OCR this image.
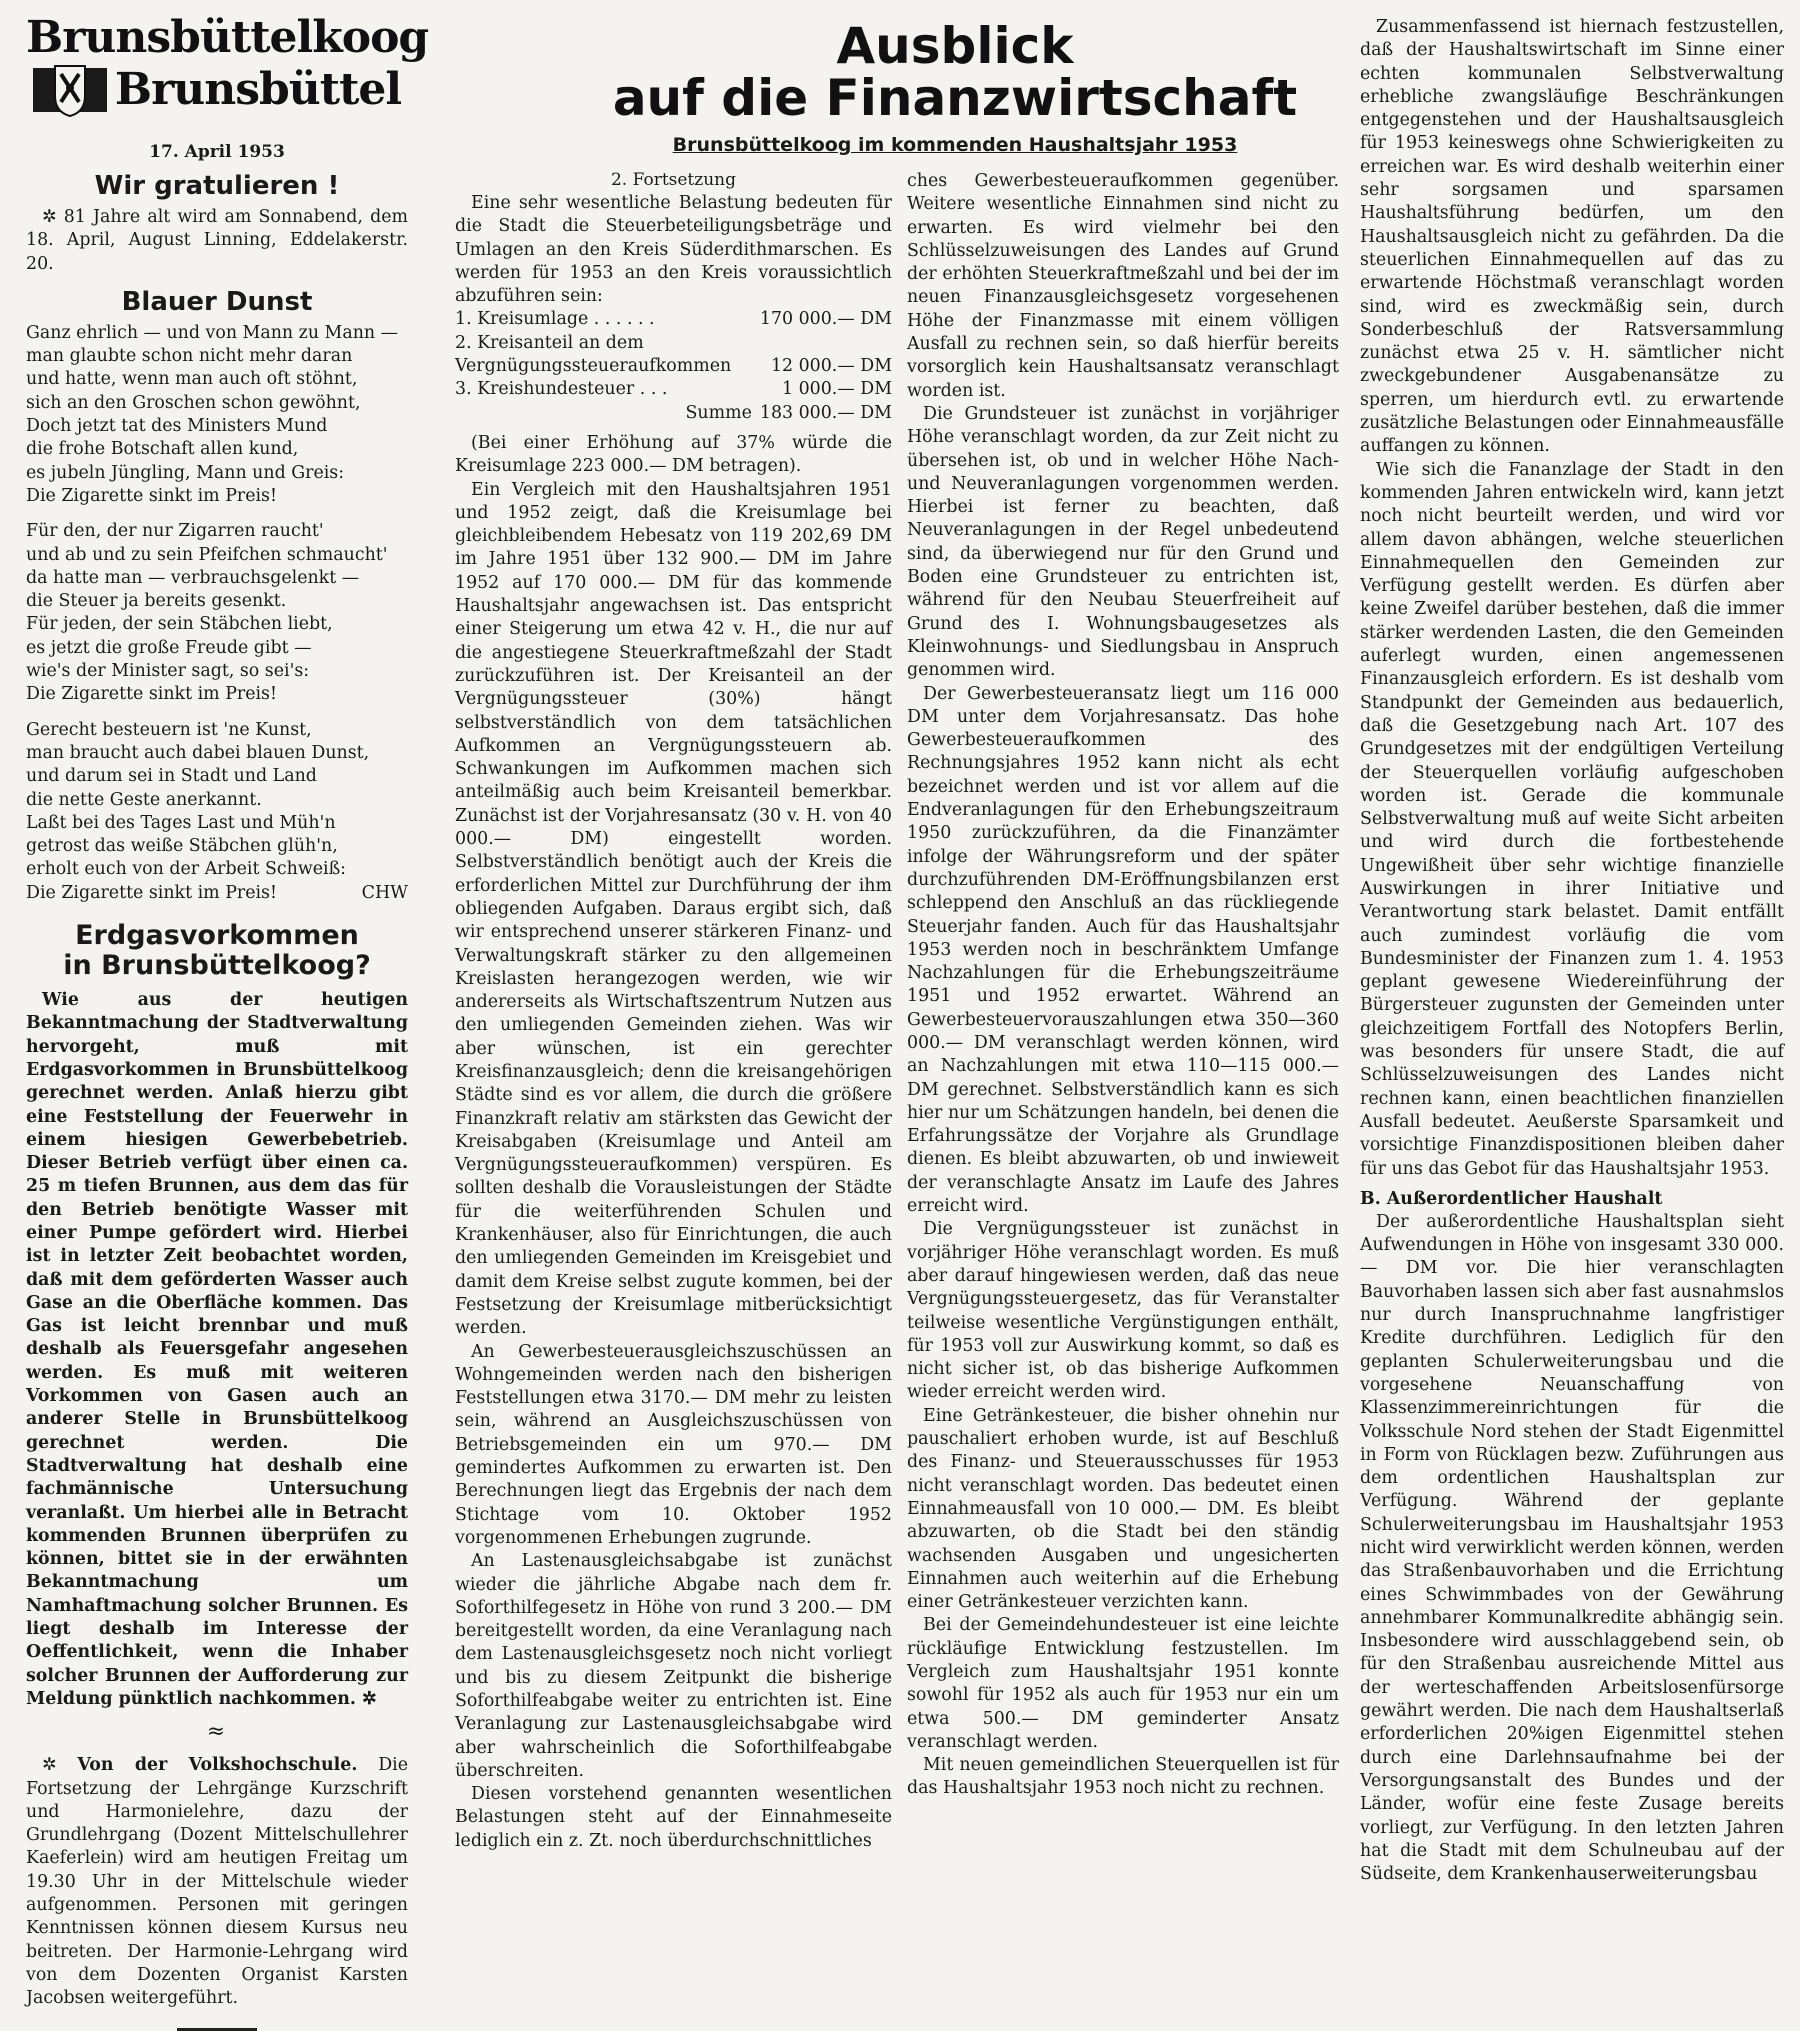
Brunsbüttelkoog
Brunsbüttel
17. April 1953
Wir gratulieren !

✲ 81 Jahre alt wird am Sonnabend, dem 18. April, August Linning, Eddelakerstr. 20.

Blauer Dunst
Ganz ehrlich — und von Mann zu Mann —
man glaubte schon nicht mehr daran
und hatte, wenn man auch oft stöhnt,
sich an den Groschen schon gewöhnt,
Doch jetzt tat des Ministers Mund
die frohe Botschaft allen kund,
es jubeln Jüngling, Mann und Greis:
Die Zigarette sinkt im Preis!
Für den, der nur Zigarren raucht'
und ab und zu sein Pfeifchen schmaucht'
da hatte man — verbrauchsgelenkt —
die Steuer ja bereits gesenkt.
Für jeden, der sein Stäbchen liebt,
es jetzt die große Freude gibt —
wie's der Minister sagt, so sei's:
Die Zigarette sinkt im Preis!
Gerecht besteuern ist 'ne Kunst,
man braucht auch dabei blauen Dunst,
und darum sei in Stadt und Land
die nette Geste anerkannt.
Laßt bei des Tages Last und Müh'n
getrost das weiße Stäbchen glüh'n,
erholt euch von der Arbeit Schweiß:
Die Zigarette sinkt im Preis!	CHW
Erdgasvorkommen
in Brunsbüttelkoog?

Wie aus der heutigen Bekanntmachung der Stadtverwaltung hervorgeht, muß mit Erdgasvorkommen in Brunsbüttelkoog gerechnet werden. Anlaß hierzu gibt eine Feststellung der Feuerwehr in einem hiesigen Gewerbebetrieb. Dieser Betrieb verfügt über einen ca. 25 m tiefen Brunnen, aus dem das für den Betrieb benötigte Wasser mit einer Pumpe gefördert wird. Hierbei ist in letzter Zeit beobachtet worden, daß mit dem geförderten Wasser auch Gase an die Oberfläche kommen. Das Gas ist leicht brennbar und muß deshalb als Feuersgefahr angesehen werden. Es muß mit weiteren Vorkommen von Gasen auch an anderer Stelle in Brunsbüttelkoog gerechnet werden. Die Stadtverwaltung hat deshalb eine fachmännische Untersuchung veranlaßt. Um hierbei alle in Betracht kommenden Brunnen überprüfen zu können, bittet sie in der erwähnten Bekanntmachung um Namhaftmachung solcher Brunnen. Es liegt deshalb im Interesse der Oeffentlichkeit, wenn die Inhaber solcher Brunnen der Aufforderung zur Meldung pünktlich nachkommen. ✲

≈

✲ Von der Volkshochschule. Die Fortsetzung der Lehrgänge Kurzschrift und Harmonielehre, dazu der Grundlehrgang (Dozent Mittelschullehrer Kaeferlein) wird am heutigen Freitag um 19.30 Uhr in der Mittelschule wieder aufgenommen. Personen mit geringen Kenntnissen können diesem Kursus neu beitreten. Der Harmonie-Lehrgang wird von dem Dozenten Organist Karsten Jacobsen weitergeführt.

Ausblick
auf die Finanzwirtschaft
Brunsbüttelkoog im kommenden Haushaltsjahr 1953
2. Fortsetzung

Eine sehr wesentliche Belastung bedeuten für die Stadt die Steuerbeteiligungsbeträge und Umlagen an den Kreis Süderdithmarschen. Es werden für 1953 an den Kreis voraussichtlich abzuführen sein:

1. Kreisumlage . . . . . .	170 000.— DM
2. Kreisanteil an dem Vergnügungssteueraufkommen	12 000.— DM
3. Kreishundesteuer . . .	1 000.— DM
Summe	183 000.— DM

(Bei einer Erhöhung auf 37% würde die Kreisumlage 223 000.— DM betragen).

Ein Vergleich mit den Haushaltsjahren 1951 und 1952 zeigt, daß die Kreisumlage bei gleichbleibendem Hebesatz von 119 202,69 DM im Jahre 1951 über 132 900.— DM im Jahre 1952 auf 170 000.— DM für das kommende Haushaltsjahr angewachsen ist. Das entspricht einer Steigerung um etwa 42 v. H., die nur auf die angestiegene Steuerkraftmeßzahl der Stadt zurückzuführen ist. Der Kreisanteil an der Vergnügungssteuer (30%) hängt selbstverständlich von dem tatsächlichen Aufkommen an Vergnügungssteuern ab. Schwankungen im Aufkommen machen sich anteilmäßig auch beim Kreisanteil bemerkbar. Zunächst ist der Vorjahresansatz (30 v. H. von 40 000.— DM) eingestellt worden. Selbstverständlich benötigt auch der Kreis die erforderlichen Mittel zur Durchführung der ihm obliegenden Aufgaben. Daraus ergibt sich, daß wir entsprechend unserer stärkeren Finanz- und Verwaltungskraft stärker zu den allgemeinen Kreislasten herangezogen werden, wie wir andererseits als Wirtschaftszentrum Nutzen aus den umliegenden Gemeinden ziehen. Was wir aber wünschen, ist ein gerechter Kreisfinanzausgleich; denn die kreisangehörigen Städte sind es vor allem, die durch die größere Finanzkraft relativ am stärksten das Gewicht der Kreisabgaben (Kreisumlage und Anteil am Vergnügungssteueraufkommen) verspüren. Es sollten deshalb die Vorausleistungen der Städte für die weiterführenden Schulen und Krankenhäuser, also für Einrichtungen, die auch den umliegenden Gemeinden im Kreisgebiet und damit dem Kreise selbst zugute kommen, bei der Festsetzung der Kreisumlage mitberücksichtigt werden.

An Gewerbesteuerausgleichszuschüssen an Wohngemeinden werden nach den bisherigen Feststellungen etwa 3170.— DM mehr zu leisten sein, während an Ausgleichszuschüssen von Betriebsgemeinden ein um 970.— DM gemindertes Aufkommen zu erwarten ist. Den Berechnungen liegt das Ergebnis der nach dem Stichtage vom 10. Oktober 1952 vorgenommenen Erhebungen zugrunde.

An Lastenausgleichsabgabe ist zunächst wieder die jährliche Abgabe nach dem fr. Soforthilfegesetz in Höhe von rund 3 200.— DM bereitgestellt worden, da eine Veranlagung nach dem Lastenausgleichsgesetz noch nicht vorliegt und bis zu diesem Zeitpunkt die bisherige Soforthilfeabgabe weiter zu entrichten ist. Eine Veranlagung zur Lastenausgleichsabgabe wird aber wahrscheinlich die Soforthilfeabgabe überschreiten.

Diesen vorstehend genannten wesentlichen Belastungen steht auf der Einnahmeseite lediglich ein z. Zt. noch überdurchschnittliches

ches Gewerbesteueraufkommen gegenüber. Weitere wesentliche Einnahmen sind nicht zu erwarten. Es wird vielmehr bei den Schlüsselzuweisungen des Landes auf Grund der erhöhten Steuerkraftmeßzahl und bei der im neuen Finanzausgleichsgesetz vorgesehenen Höhe der Finanzmasse mit einem völligen Ausfall zu rechnen sein, so daß hierfür bereits vorsorglich kein Haushaltsansatz veranschlagt worden ist.

Die Grundsteuer ist zunächst in vorjähriger Höhe veranschlagt worden, da zur Zeit nicht zu übersehen ist, ob und in welcher Höhe Nach- und Neuveranlagungen vorgenommen werden. Hierbei ist ferner zu beachten, daß Neuveranlagungen in der Regel unbedeutend sind, da überwiegend nur für den Grund und Boden eine Grundsteuer zu entrichten ist, während für den Neubau Steuerfreiheit auf Grund des I. Wohnungsbaugesetzes als Kleinwohnungs- und Siedlungsbau in Anspruch genommen wird.

Der Gewerbesteueransatz liegt um 116 000 DM unter dem Vorjahresansatz. Das hohe Gewerbesteueraufkommen des Rechnungsjahres 1952 kann nicht als echt bezeichnet werden und ist vor allem auf die Endveranlagungen für den Erhebungszeitraum 1950 zurückzuführen, da die Finanzämter infolge der Währungsreform und der später durchzuführenden DM-Eröffnungsbilanzen erst schleppend den Anschluß an das rückliegende Steuerjahr fanden. Auch für das Haushaltsjahr 1953 werden noch in beschränktem Umfange Nachzahlungen für die Erhebungszeiträume 1951 und 1952 erwartet. Während an Gewerbesteuervorauszahlungen etwa 350—360 000.— DM veranschlagt werden können, wird an Nachzahlungen mit etwa 110—115 000.— DM gerechnet. Selbstverständlich kann es sich hier nur um Schätzungen handeln, bei denen die Erfahrungssätze der Vorjahre als Grundlage dienen. Es bleibt abzuwarten, ob und inwieweit der veranschlagte Ansatz im Laufe des Jahres erreicht wird.

Die Vergnügungssteuer ist zunächst in vorjähriger Höhe veranschlagt worden. Es muß aber darauf hingewiesen werden, daß das neue Vergnügungssteuergesetz, das für Veranstalter teilweise wesentliche Vergünstigungen enthält, für 1953 voll zur Auswirkung kommt, so daß es nicht sicher ist, ob das bisherige Aufkommen wieder erreicht werden wird.

Eine Getränkesteuer, die bisher ohnehin nur pauschaliert erhoben wurde, ist auf Beschluß des Finanz- und Steuerausschusses für 1953 nicht veranschlagt worden. Das bedeutet einen Einnahmeausfall von 10 000.— DM. Es bleibt abzuwarten, ob die Stadt bei den ständig wachsenden Ausgaben und ungesicherten Einnahmen auch weiterhin auf die Erhebung einer Getränkesteuer verzichten kann.

Bei der Gemeindehundesteuer ist eine leichte rückläufige Entwicklung festzustellen. Im Vergleich zum Haushaltsjahr 1951 konnte sowohl für 1952 als auch für 1953 nur ein um etwa 500.— DM geminderter Ansatz veranschlagt werden.

Mit neuen gemeindlichen Steuerquellen ist für das Haushaltsjahr 1953 noch nicht zu rechnen.

Zusammenfassend ist hiernach festzustellen, daß der Haushaltswirtschaft im Sinne einer echten kommunalen Selbstverwaltung erhebliche zwangsläufige Beschränkungen entgegenstehen und der Haushaltsausgleich für 1953 keineswegs ohne Schwierigkeiten zu erreichen war. Es wird deshalb weiterhin einer sehr sorgsamen und sparsamen Haushaltsführung bedürfen, um den Haushaltsausgleich nicht zu gefährden. Da die steuerlichen Einnahmequellen auf das zu erwartende Höchstmaß veranschlagt worden sind, wird es zweckmäßig sein, durch Sonderbeschluß der Ratsversammlung zunächst etwa 25 v. H. sämtlicher nicht zweckgebundener Ausgabenansätze zu sperren, um hierdurch evtl. zu erwartende zusätzliche Belastungen oder Einnahmeausfälle auffangen zu können.

Wie sich die Fananzlage der Stadt in den kommenden Jahren entwickeln wird, kann jetzt noch nicht beurteilt werden, und wird vor allem davon abhängen, welche steuerlichen Einnahmequellen den Gemeinden zur Verfügung gestellt werden. Es dürfen aber keine Zweifel darüber bestehen, daß die immer stärker werdenden Lasten, die den Gemeinden auferlegt wurden, einen angemessenen Finanzausgleich erfordern. Es ist deshalb vom Standpunkt der Gemeinden aus bedauerlich, daß die Gesetzgebung nach Art. 107 des Grundgesetzes mit der endgültigen Verteilung der Steuerquellen vorläufig aufgeschoben worden ist. Gerade die kommunale Selbstverwaltung muß auf weite Sicht arbeiten und wird durch die fortbestehende Ungewißheit über sehr wichtige finanzielle Auswirkungen in ihrer Initiative und Verantwortung stark belastet. Damit entfällt auch zumindest vorläufig die vom Bundesminister der Finanzen zum 1. 4. 1953 geplant gewesene Wiedereinführung der Bürgersteuer zugunsten der Gemeinden unter gleichzeitigem Fortfall des Notopfers Berlin, was besonders für unsere Stadt, die auf Schlüsselzuweisungen des Landes nicht rechnen kann, einen beachtlichen finanziellen Ausfall bedeutet. Aeußerste Sparsamkeit und vorsichtige Finanzdispositionen bleiben daher für uns das Gebot für das Haushaltsjahr 1953.

B. Außerordentlicher Haushalt

Der außerordentliche Haushaltsplan sieht Aufwendungen in Höhe von insgesamt 330 000.— DM vor. Die hier veranschlagten Bauvorhaben lassen sich aber fast ausnahmslos nur durch Inanspruchnahme langfristiger Kredite durchführen. Lediglich für den geplanten Schulerweiterungsbau und die vorgesehene Neuanschaffung von Klassenzimmereinrichtungen für die Volksschule Nord stehen der Stadt Eigenmittel in Form von Rücklagen bezw. Zuführungen aus dem ordentlichen Haushaltsplan zur Verfügung. Während der geplante Schulerweiterungsbau im Haushaltsjahr 1953 nicht wird verwirklicht werden können, werden das Straßenbauvorhaben und die Errichtung eines Schwimmbades von der Gewährung annehmbarer Kommunalkredite abhängig sein. Insbesondere wird ausschlaggebend sein, ob für den Straßenbau ausreichende Mittel aus der werteschaffenden Arbeitslosenfürsorge gewährt werden. Die nach dem Haushaltserlaß erforderlichen 20%igen Eigenmittel stehen durch eine Darlehnsaufnahme bei der Versorgungsanstalt des Bundes und der Länder, wofür eine feste Zusage bereits vorliegt, zur Verfügung. In den letzten Jahren hat die Stadt mit dem Schulneubau auf der Südseite, dem Krankenhauserweiterungsbau
